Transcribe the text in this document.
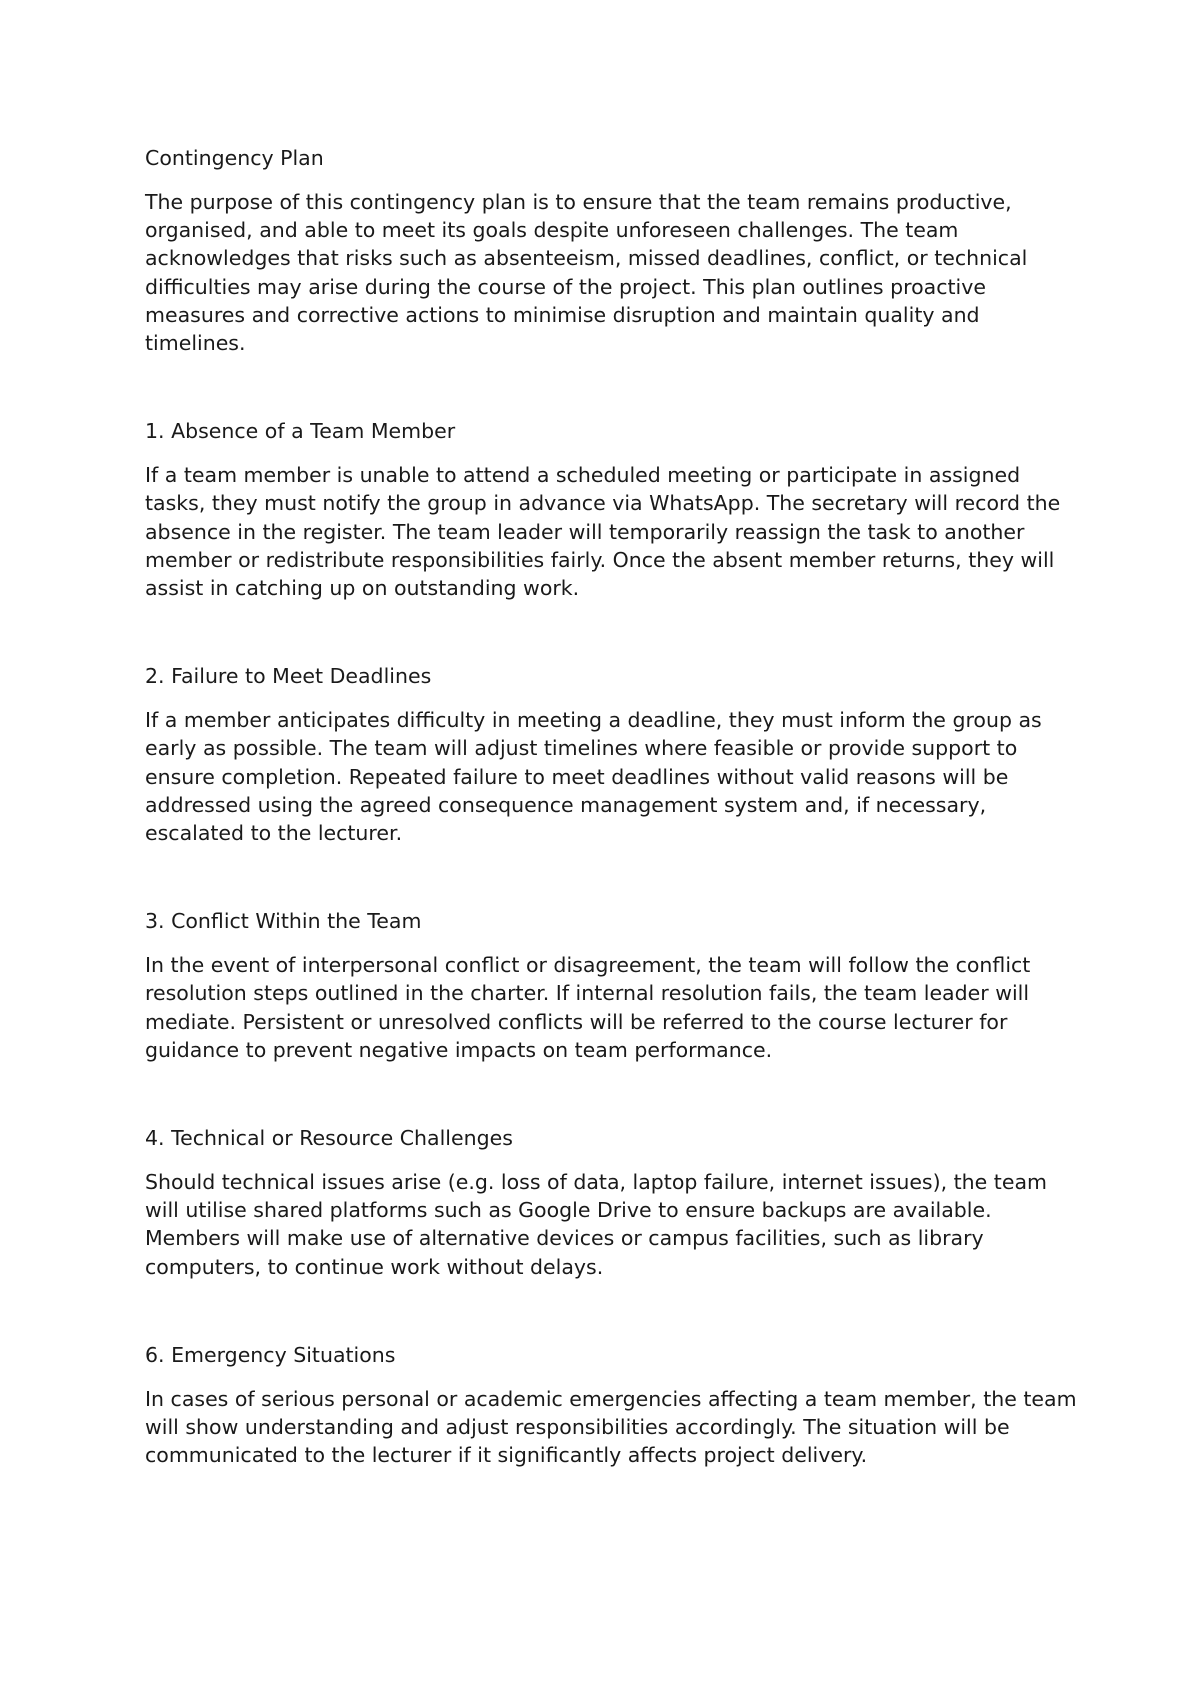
Contingency Plan

The purpose of this contingency plan is to ensure that the team remains productive, organised, and able to meet its goals despite unforeseen challenges. The team acknowledges that risks such as absenteeism, missed deadlines, conflict, or technical difficulties may arise during the course of the project. This plan outlines proactive measures and corrective actions to minimise disruption and maintain quality and timelines.

1. Absence of a Team Member

If a team member is unable to attend a scheduled meeting or participate in assigned tasks, they must notify the group in advance via WhatsApp. The secretary will record the absence in the register. The team leader will temporarily reassign the task to another member or redistribute responsibilities fairly. Once the absent member returns, they will assist in catching up on outstanding work.

2. Failure to Meet Deadlines

If a member anticipates difficulty in meeting a deadline, they must inform the group as early as possible. The team will adjust timelines where feasible or provide support to ensure completion. Repeated failure to meet deadlines without valid reasons will be addressed using the agreed consequence management system and, if necessary, escalated to the lecturer.

3. Conflict Within the Team

In the event of interpersonal conflict or disagreement, the team will follow the conflict resolution steps outlined in the charter. If internal resolution fails, the team leader will mediate. Persistent or unresolved conflicts will be referred to the course lecturer for guidance to prevent negative impacts on team performance.

4. Technical or Resource Challenges

Should technical issues arise (e.g. loss of data, laptop failure, internet issues), the team will utilise shared platforms such as Google Drive to ensure backups are available. Members will make use of alternative devices or campus facilities, such as library computers, to continue work without delays.

6. Emergency Situations

In cases of serious personal or academic emergencies affecting a team member, the team will show understanding and adjust responsibilities accordingly. The situation will be communicated to the lecturer if it significantly affects project delivery.
